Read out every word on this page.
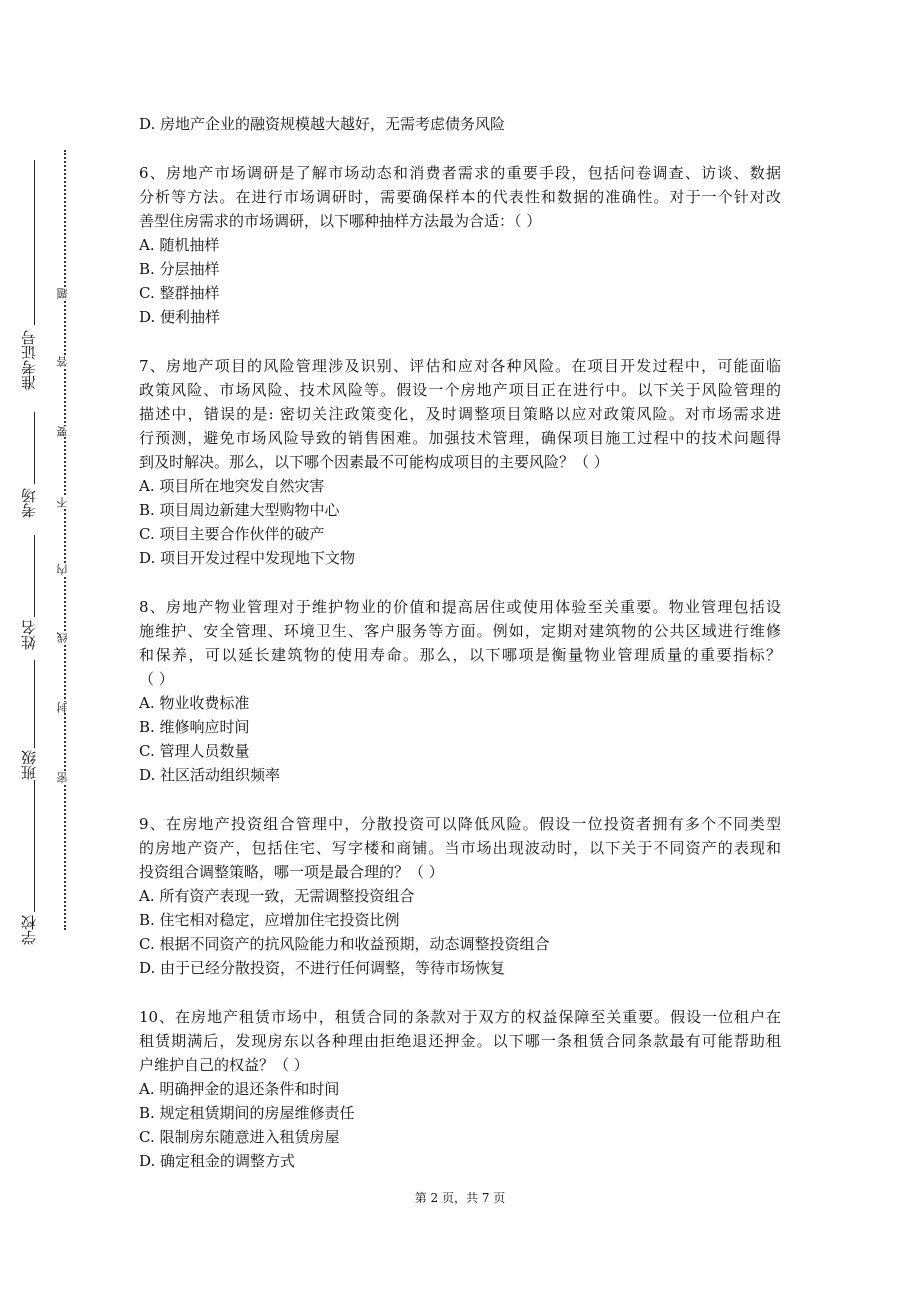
学校
班级
姓名
考场
准考证号
密
封
线
内
不
要
答
题
D. 房地产企业的融资规模越大越好，无需考虑债务风险
6、房地产市场调研是了解市场动态和消费者需求的重要手段，包括问卷调查、访谈、数据
分析等方法。在进行市场调研时，需要确保样本的代表性和数据的准确性。对于一个针对改
善型住房需求的市场调研，以下哪种抽样方法最为合适：（ ）
A. 随机抽样
B. 分层抽样
C. 整群抽样
D. 便利抽样
7、房地产项目的风险管理涉及识别、评估和应对各种风险。在项目开发过程中，可能面临
政策风险、市场风险、技术风险等。假设一个房地产项目正在进行中。以下关于风险管理的
描述中，错误的是: 密切关注政策变化，及时调整项目策略以应对政策风险。对市场需求进
行预测，避免市场风险导致的销售困难。加强技术管理，确保项目施工过程中的技术问题得
到及时解决。那么，以下哪个因素最不可能构成项目的主要风险？（ ）
A. 项目所在地突发自然灾害
B. 项目周边新建大型购物中心
C. 项目主要合作伙伴的破产
D. 项目开发过程中发现地下文物
8、房地产物业管理对于维护物业的价值和提高居住或使用体验至关重要。物业管理包括设
施维护、安全管理、环境卫生、客户服务等方面。例如，定期对建筑物的公共区域进行维修
和保养，可以延长建筑物的使用寿命。那么，以下哪项是衡量物业管理质量的重要指标？
（ ）
A. 物业收费标准
B. 维修响应时间
C. 管理人员数量
D. 社区活动组织频率
9、在房地产投资组合管理中，分散投资可以降低风险。假设一位投资者拥有多个不同类型
的房地产资产，包括住宅、写字楼和商铺。当市场出现波动时，以下关于不同资产的表现和
投资组合调整策略，哪一项是最合理的？（ ）
A. 所有资产表现一致，无需调整投资组合
B. 住宅相对稳定，应增加住宅投资比例
C. 根据不同资产的抗风险能力和收益预期，动态调整投资组合
D. 由于已经分散投资，不进行任何调整，等待市场恢复
10、在房地产租赁市场中，租赁合同的条款对于双方的权益保障至关重要。假设一位租户在
租赁期满后，发现房东以各种理由拒绝退还押金。以下哪一条租赁合同条款最有可能帮助租
户维护自己的权益？（ ）
A. 明确押金的退还条件和时间
B. 规定租赁期间的房屋维修责任
C. 限制房东随意进入租赁房屋
D. 确定租金的调整方式
第 2 页，共 7 页
